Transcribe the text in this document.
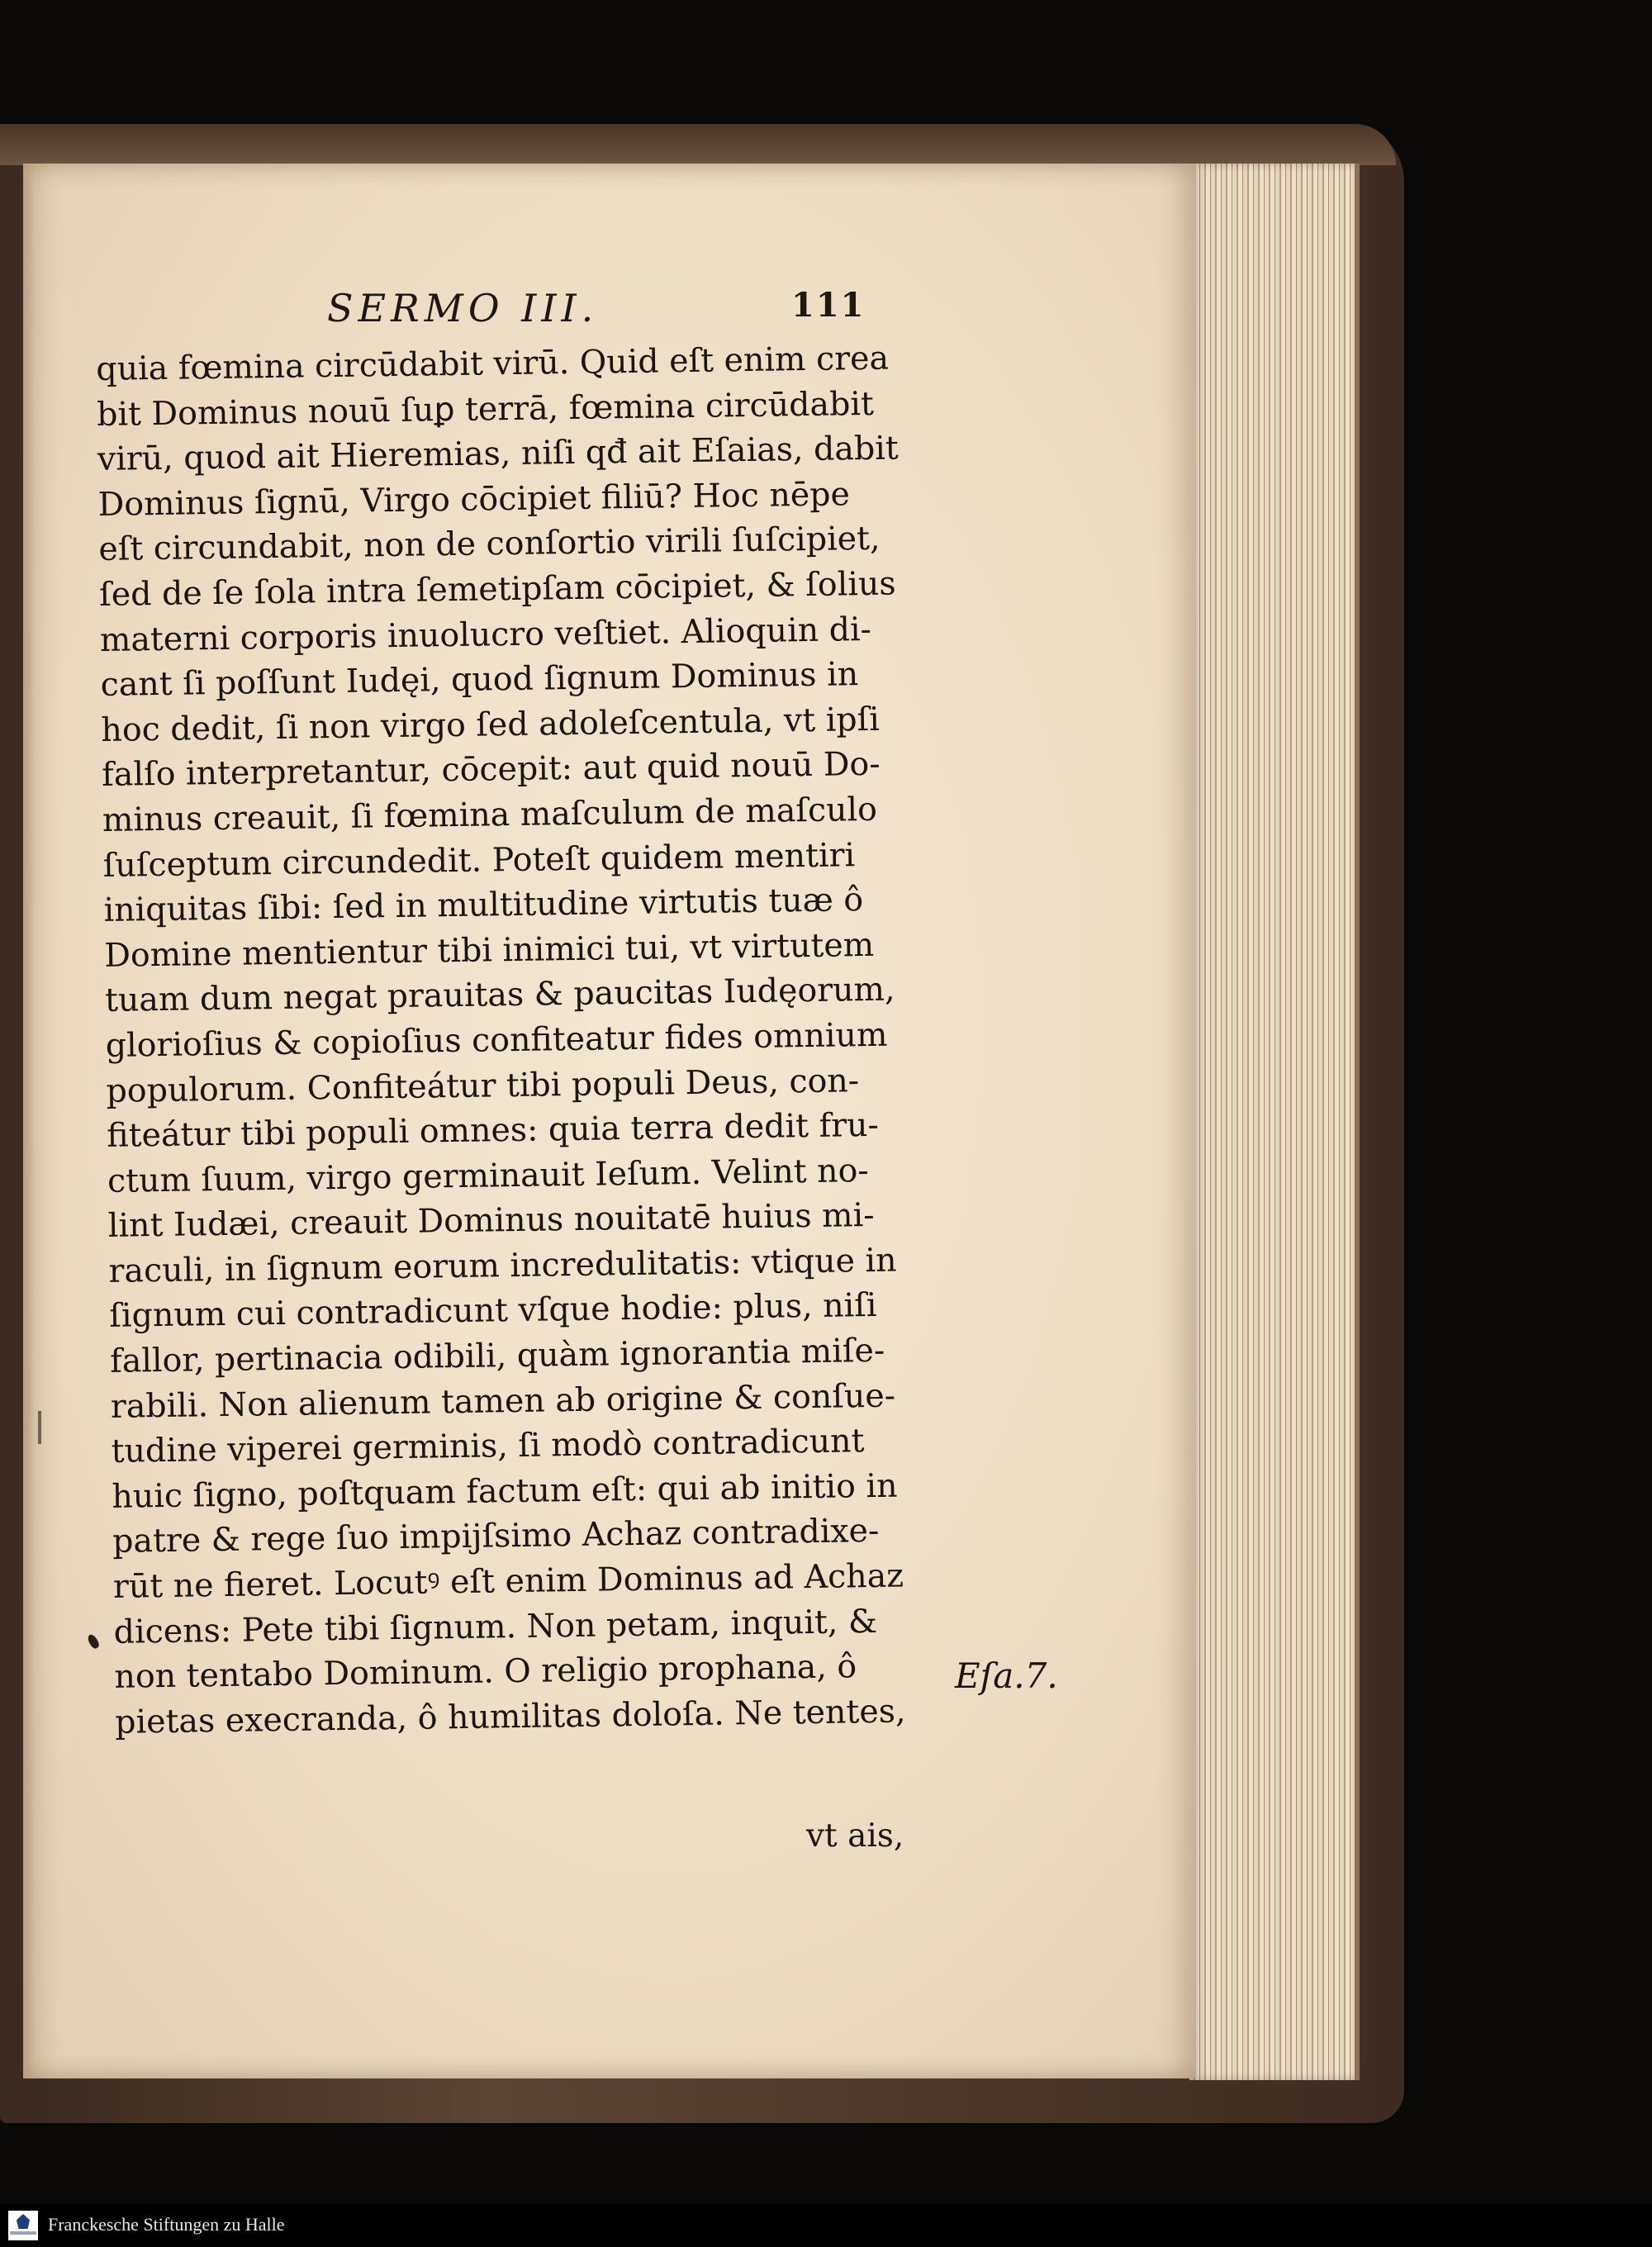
SERMO III.	111
quia fœmina circūdabit virū. Quid eſt enim crea
bit Dominus nouū ſuꝑ terrā, fœmina circūdabit
virū, quod ait Hieremias, niſi qđ ait Eſaias, dabit
Dominus ſignū, Virgo cōcipiet filiū? Hoc nēpe
eſt circundabit, non de conſortio virili ſuſcipiet,
ſed de ſe ſola intra ſemetipſam cōcipiet, & ſolius
materni corporis inuolucro veſtiet. Alioquin di-
cant ſi poſſunt Iudęi, quod ſignum Dominus in
hoc dedit, ſi non virgo ſed adoleſcentula, vt ipſi
falſo interpretantur, cōcepit: aut quid nouū Do-
minus creauit, ſi fœmina maſculum de maſculo
ſuſceptum circundedit. Poteſt quidem mentiri
iniquitas ſibi: ſed in multitudine virtutis tuæ ô
Domine mentientur tibi inimici tui, vt virtutem
tuam dum negat prauitas & paucitas Iudęorum,
glorioſius & copioſius confiteatur fides omnium
populorum. Confiteátur tibi populi Deus, con-
fiteátur tibi populi omnes: quia terra dedit fru-
ctum ſuum, virgo germinauit Ieſum. Velint no-
lint Iudæi, creauit Dominus nouitatē huius mi-
raculi, in ſignum eorum incredulitatis: vtique in
ſignum cui contradicunt vſque hodie: plus, niſi
fallor, pertinacia odibili, quàm ignorantia miſe-
rabili. Non alienum tamen ab origine & conſue-
tudine viperei germinis, ſi modò contradicunt
huic ſigno, poſtquam factum eſt: qui ab initio in
patre & rege ſuo impijſsimo Achaz contradixe-
rūt ne fieret. Locutꝰ eſt enim Dominus ad Achaz
dicens: Pete tibi ſignum. Non petam, inquit, &
non tentabo Dominum. O religio prophana, ô
pietas execranda, ô humilitas doloſa. Ne tentes,
Eſa.7.
vt ais,
Franckesche Stiftungen zu Halle
